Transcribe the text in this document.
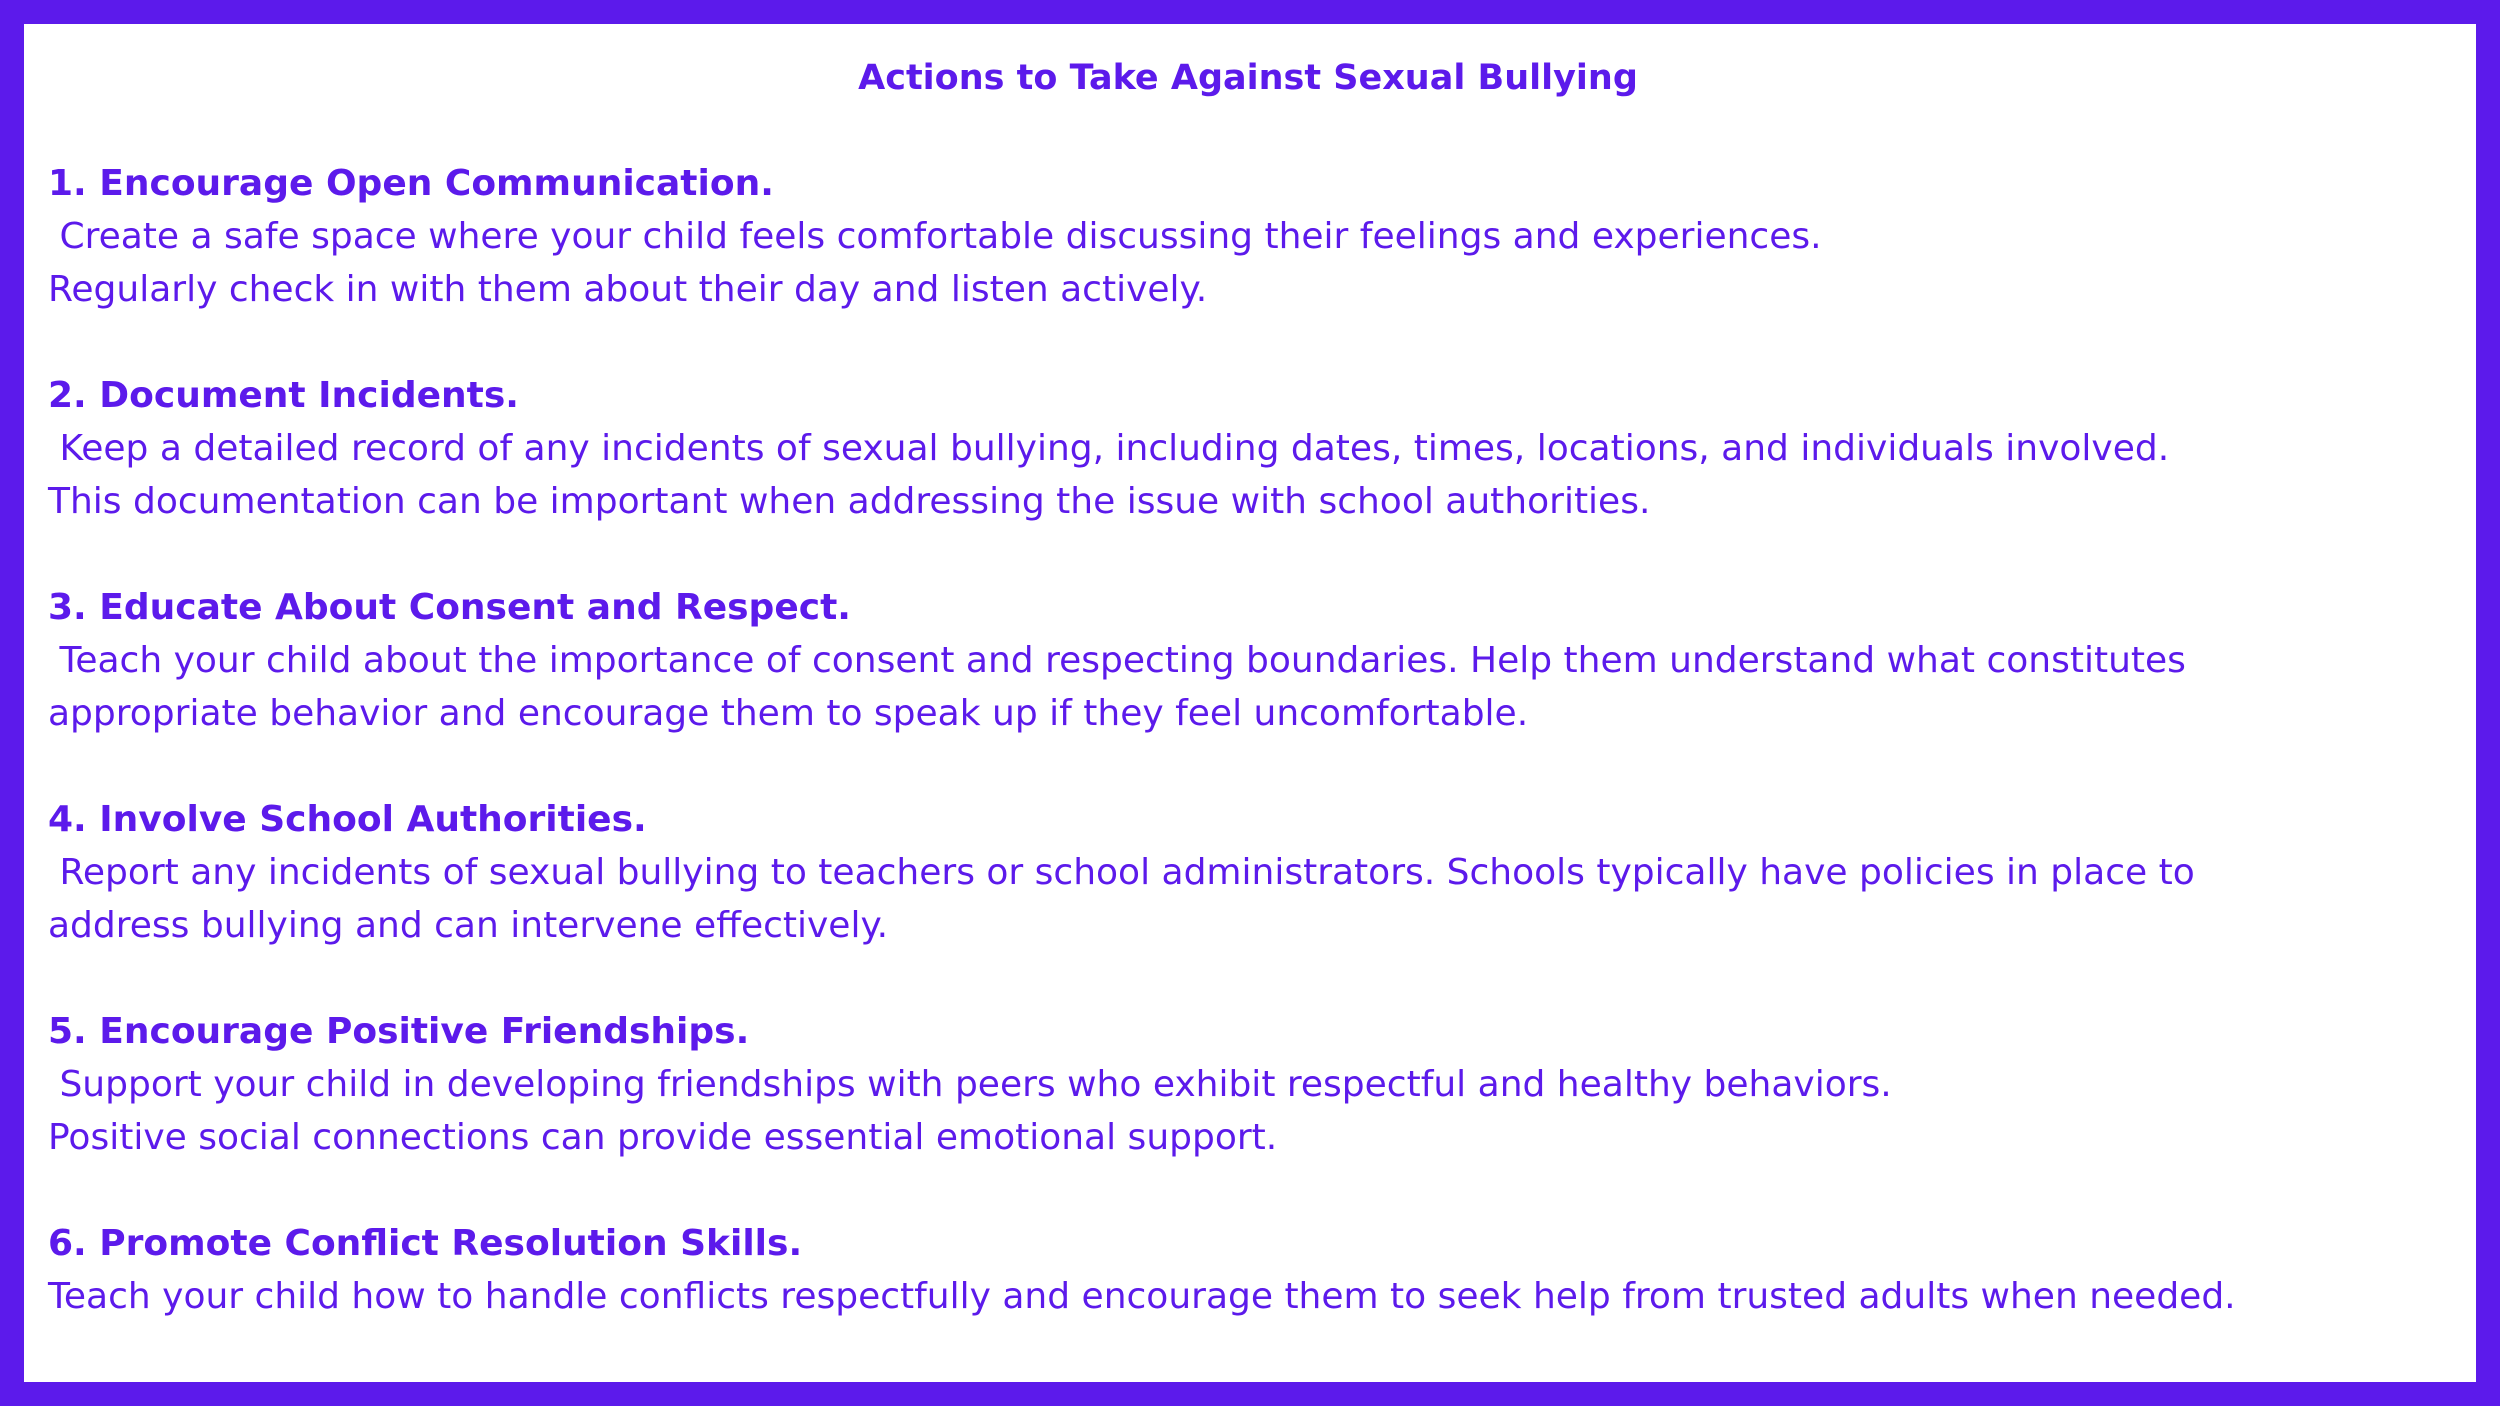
Actions to Take Against Sexual Bullying

1. Encourage Open Communication.

Create a safe space where your child feels comfortable discussing their feelings and experiences.

Regularly check in with them about their day and listen actively.

2. Document Incidents.

Keep a detailed record of any incidents of sexual bullying, including dates, times, locations, and individuals involved.

This documentation can be important when addressing the issue with school authorities.

3. Educate About Consent and Respect.

Teach your child about the importance of consent and respecting boundaries. Help them understand what constitutes

appropriate behavior and encourage them to speak up if they feel uncomfortable.

4. Involve School Authorities.

Report any incidents of sexual bullying to teachers or school administrators. Schools typically have policies in place to

address bullying and can intervene effectively.

5. Encourage Positive Friendships.

Support your child in developing friendships with peers who exhibit respectful and healthy behaviors.

Positive social connections can provide essential emotional support.

6. Promote Conflict Resolution Skills.

Teach your child how to handle conflicts respectfully and encourage them to seek help from trusted adults when needed.
